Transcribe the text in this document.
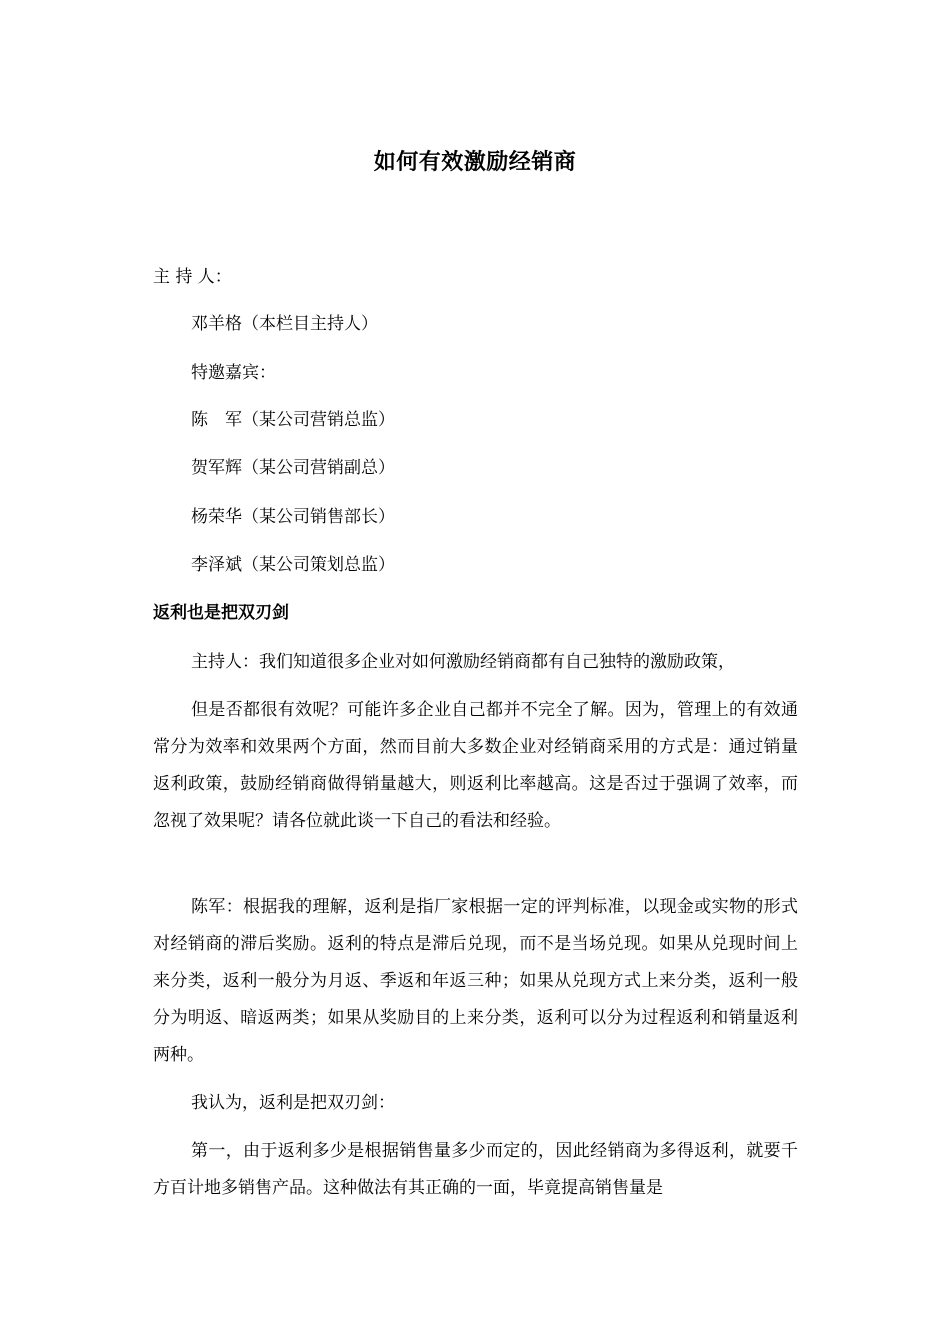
如何有效激励经销商
主 持 人：
邓羊格（本栏目主持人）
特邀嘉宾：
陈　军（某公司营销总监）
贺军辉（某公司营销副总）
杨荣华（某公司销售部长）
李泽斌（某公司策划总监）
返利也是把双刃剑

主持人：我们知道很多企业对如何激励经销商都有自己独特的激励政策，

但是否都很有效呢？可能许多企业自己都并不完全了解。因为，管理上的有效通常分为效率和效果两个方面，然而目前大多数企业对经销商采用的方式是：通过销量返利政策，鼓励经销商做得销量越大，则返利比率越高。这是否过于强调了效率，而忽视了效果呢？请各位就此谈一下自己的看法和经验。

陈军：根据我的理解，返利是指厂家根据一定的评判标准，以现金或实物的形式对经销商的滞后奖励。返利的特点是滞后兑现，而不是当场兑现。如果从兑现时间上来分类，返利一般分为月返、季返和年返三种；如果从兑现方式上来分类，返利一般分为明返、暗返两类；如果从奖励目的上来分类，返利可以分为过程返利和销量返利两种。

我认为，返利是把双刃剑：

第一，由于返利多少是根据销售量多少而定的，因此经销商为多得返利，就要千方百计地多销售产品。这种做法有其正确的一面，毕竟提高销售量是
